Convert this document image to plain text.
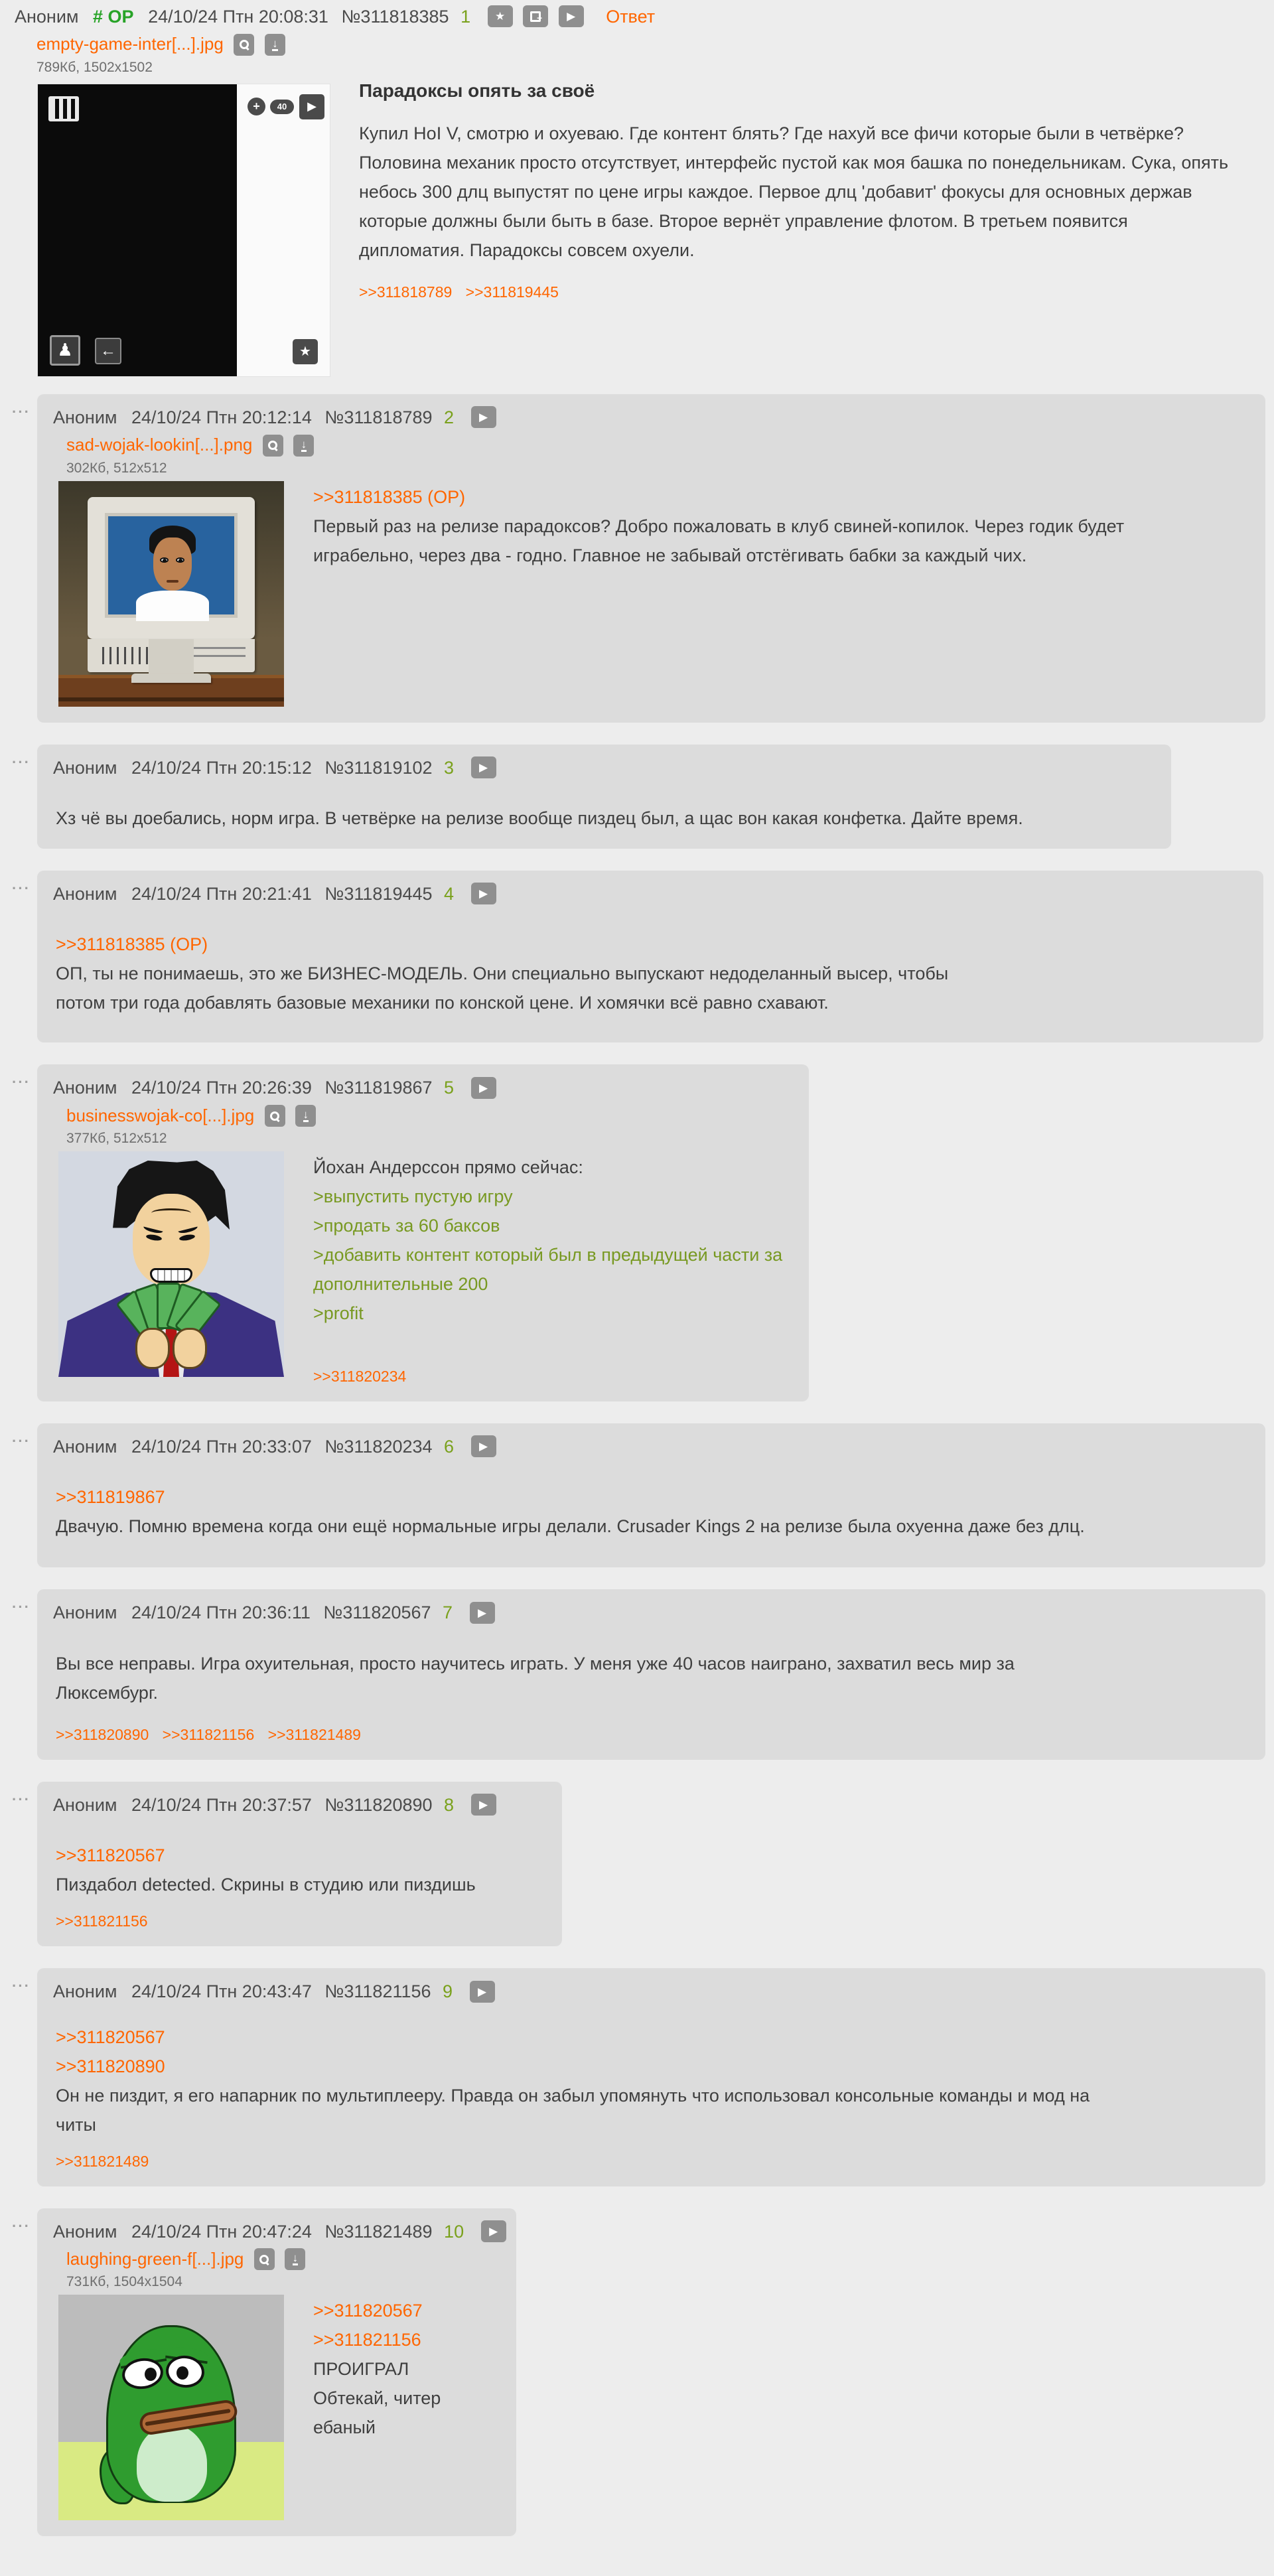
Аноним # OP 24/10/24 Птн 20:08:31 №311818385 1 ★
+
	▶ Ответ
empty-game-inter[...].jpg
	↓
789Кб, 1502x1502
+	40	▶
♟	←	★
Парадоксы опять за своё
Купил HoI V, смотрю и охуеваю. Где контент блять? Где нахуй все фичи которые были в четвёрке? Половина механик просто отсутствует, интерфейс пустой как моя башка по понедельникам. Сука, опять небось 300 длц выпустят по цене игры каждое. Первое длц 'добавит' фокусы для основных держав которые должны были быть в базе. Второе вернёт управление флотом. В третьем появится дипломатия. Парадоксы совсем охуели.
>>311818789 >>311819445
··· Аноним 24/10/24 Птн 20:12:14 №311818789 2 ▶
sad-wojak-lookin[...].png
	↓
302Кб, 512x512
>>311818385 (OP)
Первый раз на релизе парадоксов? Добро пожаловать в клуб свиней-копилок. Через годик будет играбельно, через два - годно. Главное не забывай отстёгивать бабки за каждый чих.
··· Аноним 24/10/24 Птн 20:15:12 №311819102 3 ▶
Хз чё вы доебались, норм игра. В четвёрке на релизе вообще пиздец был, а щас вон какая конфетка. Дайте время.
··· Аноним 24/10/24 Птн 20:21:41 №311819445 4 ▶
>>311818385 (OP)
ОП, ты не понимаешь, это же БИЗНЕС-МОДЕЛЬ. Они специально выпускают недоделанный высер, чтобы потом три года добавлять базовые механики по конской цене. И хомячки всё равно схавают.
··· Аноним 24/10/24 Птн 20:26:39 №311819867 5 ▶
businesswojak-co[...].jpg
	↓
377Кб, 512x512
Йохан Андерссон прямо сейчас:
>выпустить пустую игру
>продать за 60 баксов
>добавить контент который был в предыдущей части за дополнительные 200
>profit
>>311820234
··· Аноним 24/10/24 Птн 20:33:07 №311820234 6 ▶
>>311819867
Двачую. Помню времена когда они ещё нормальные игры делали. Crusader Kings 2 на релизе была охуенна даже без длц.
··· Аноним 24/10/24 Птн 20:36:11 №311820567 7 ▶
Вы все неправы. Игра охуительная, просто научитесь играть. У меня уже 40 часов наиграно, захватил весь мир за Люксембург.
>>311820890 >>311821156 >>311821489
··· Аноним 24/10/24 Птн 20:37:57 №311820890 8 ▶
>>311820567
Пиздабол detected. Скрины в студию или пиздишь
>>311821156
··· Аноним 24/10/24 Птн 20:43:47 №311821156 9 ▶
>>311820567
>>311820890
Он не пиздит, я его напарник по мультиплееру. Правда он забыл упомянуть что использовал консольные команды и мод на читы
>>311821489
··· Аноним 24/10/24 Птн 20:47:24 №311821489 10 ▶
laughing-green-f[...].jpg
	↓
731Кб, 1504x1504
>>311820567
>>311821156
ПРОИГРАЛ
Обтекай, читер ебаный
